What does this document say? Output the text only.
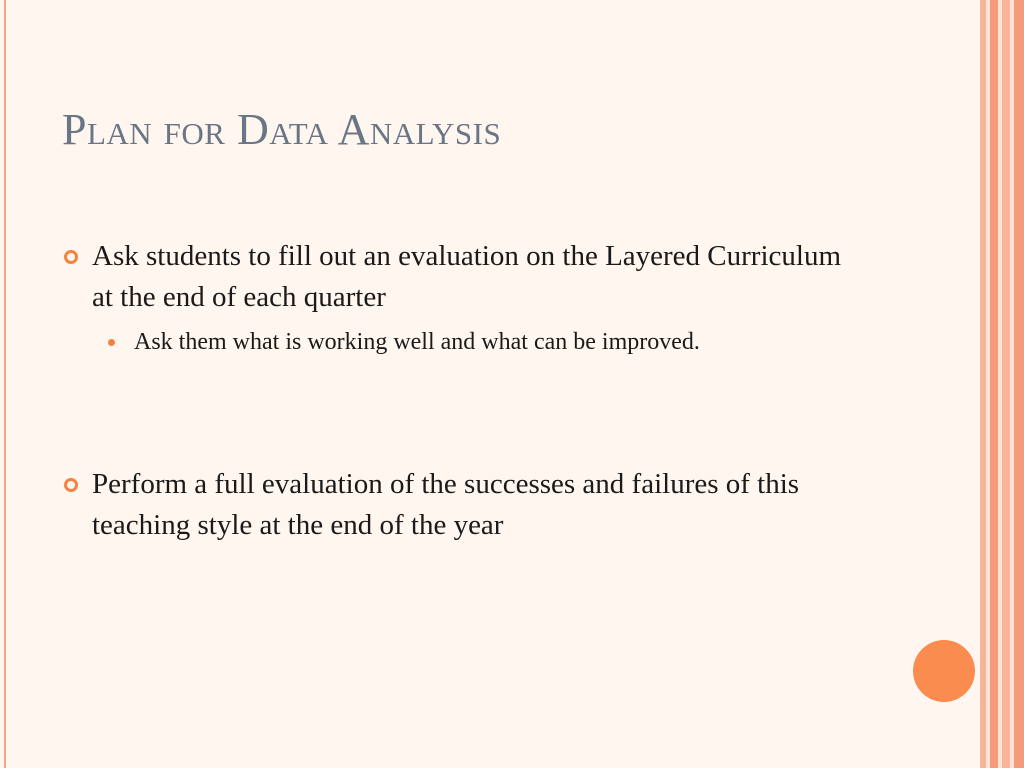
Plan for Data Analysis
Ask students to fill out an evaluation on the Layered Curriculum at the end of each quarter
Ask them what is working well and what can be improved.
Perform a full evaluation of the successes and failures of this teaching style at the end of the year
